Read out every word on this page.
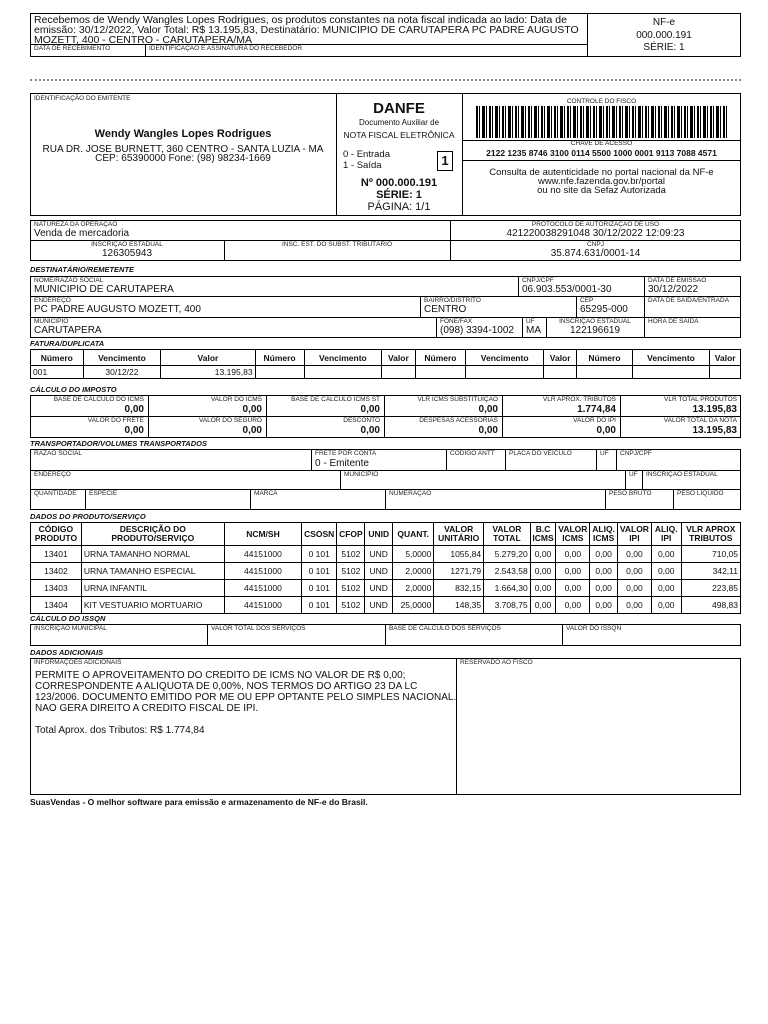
Recebemos de Wendy Wangles Lopes Rodrigues, os produtos constantes na nota fiscal indicada ao lado: Data de emissão: 30/12/2022, Valor Total: R$ 13.195,83, Destinatário: MUNICIPIO DE CARUTAPERA PC PADRE AUGUSTO MOZETT, 400 - CENTRO - CARUTAPERA/MA
DATA DE RECEBIMENTO	IDENTIFICAÇÃO E ASSINATURA DO RECEBEDOR
NF-e
000.000.191
SÉRIE: 1
IDENTIFICAÇÃO DO EMITENTE
Wendy Wangles Lopes Rodrigues
RUA DR. JOSE BURNETT, 360 CENTRO - SANTA LUZIA - MA
CEP: 65390000 Fone: (98) 98234-1669
DANFE
Documento Auxiliar de
NOTA FISCAL ELETRÔNICA
0 - Entrada
1 - Saída	1
Nº 000.000.191
SÉRIE: 1
PÁGINA: 1/1
CONTROLE DO FISCO
CHAVE DE ACESSO
2122 1235 8746 3100 0114 5500 1000 0001 9113 7088 4571
Consulta de autenticidade no portal nacional da NF-e
www.nfe.fazenda.gov.br/portal
ou no site da Sefaz Autorizada
NATUREZA DA OPERAÇÃO
Venda de mercadoria
PROTOCOLO DE AUTORIZAÇÃO DE USO
421220038291048 30/12/2022 12:09:23
INSCRIÇÃO ESTADUAL
126305943
INSC. EST. DO SUBST. TRIBUTÁRIO	CNPJ
35.874.631/0001-14
DESTINATÁRIO/REMETENTE
NOME/RAZÃO SOCIAL
MUNICIPIO DE CARUTAPERA
CNPJ/CPF
06.903.553/0001-30
DATA DE EMISSÃO
30/12/2022
ENDEREÇO
PC PADRE AUGUSTO MOZETT, 400
BAIRRO/DISTRITO
CENTRO
CEP
65295-000
DATA DE SAÍDA/ENTRADA
MUNICÍPIO
CARUTAPERA
FONE/FAX
(098) 3394-1002
UF
MA
INSCRIÇÃO ESTADUAL
122196619
HORA DE SAÍDA
FATURA/DUPLICATA
Número	Vencimento	Valor	Número	Vencimento	Valor	Número	Vencimento	Valor	Número	Vencimento	Valor
001	30/12/22	13.195,83									
CÁLCULO DO IMPOSTO
BASE DE CÁLCULO DO ICMS
0,00
VALOR DO ICMS
0,00
BASE DE CÁLCULO ICMS ST
0,00
VLR ICMS SUBSTITUIÇÃO
0,00
VLR APROX. TRIBUTOS
1.774,84
VLR TOTAL PRODUTOS
13.195,83
VALOR DO FRETE
0,00
VALOR DO SEGURO
0,00
DESCONTO
0,00
DESPESAS ACESSÓRIAS
0,00
VALOR DO IPI
0,00
VALOR TOTAL DA NOTA
13.195,83
TRANSPORTADOR/VOLUMES TRANSPORTADOS
RAZÃO SOCIAL	FRETE POR CONTA
0 - Emitente
CÓDIGO ANTT PLACA DO VEÍCULO	UF CNPJ/CPF
ENDEREÇO	MUNICÍPIO	UF INSCRIÇÃO ESTADUAL
QUANTIDADE ESPÉCIE	MARCA	NUMERAÇÃO	PESO BRUTO	PESO LÍQUIDO
DADOS DO PRODUTO/SERVIÇO
CÓDIGO PRODUTO	DESCRIÇÃO DO PRODUTO/SERVIÇO	NCM/SH	CSOSN	CFOP	UNID	QUANT.	VALOR UNITÁRIO	VALOR TOTAL	B.C ICMS	VALOR ICMS	ALIQ. ICMS	VALOR IPI	ALIQ. IPI	VLR APROX TRIBUTOS
13401	URNA TAMANHO NORMAL	44151000	0 101	5102	UND	5,0000	1055,84	5.279,20	0,00	0,00	0,00	0,00	0,00	710,05
13402	URNA TAMANHO ESPECIAL	44151000	0 101	5102	UND	2,0000	1271,79	2.543,58	0,00	0,00	0,00	0,00	0,00	342,11
13403	URNA INFANTIL	44151000	0 101	5102	UND	2,0000	832,15	1.664,30	0,00	0,00	0,00	0,00	0,00	223,85
13404	KIT VESTUARIO MORTUARIO	44151000	0 101	5102	UND	25,0000	148,35	3.708,75	0,00	0,00	0,00	0,00	0,00	498,83
CÁLCULO DO ISSQN
INSCRIÇÃO MUNICIPAL	VALOR TOTAL DOS SERVIÇOS	BASE DE CÁLCULO DOS SERVIÇOS	VALOR DO ISSQN
DADOS ADICIONAIS
INFORMAÇÕES ADICIONAIS	RESERVADO AO FISCO
PERMITE O APROVEITAMENTO DO CREDITO DE ICMS NO VALOR DE R$ 0,00;
CORRESPONDENTE A ALIQUOTA DE 0,00%, NOS TERMOS DO ARTIGO 23 DA LC
123/2006. DOCUMENTO EMITIDO POR ME OU EPP OPTANTE PELO SIMPLES NACIONAL.
NAO GERA DIREITO A CREDITO FISCAL DE IPI.
Total Aprox. dos Tributos: R$ 1.774,84
SuasVendas - O melhor software para emissão e armazenamento de NF-e do Brasil.
